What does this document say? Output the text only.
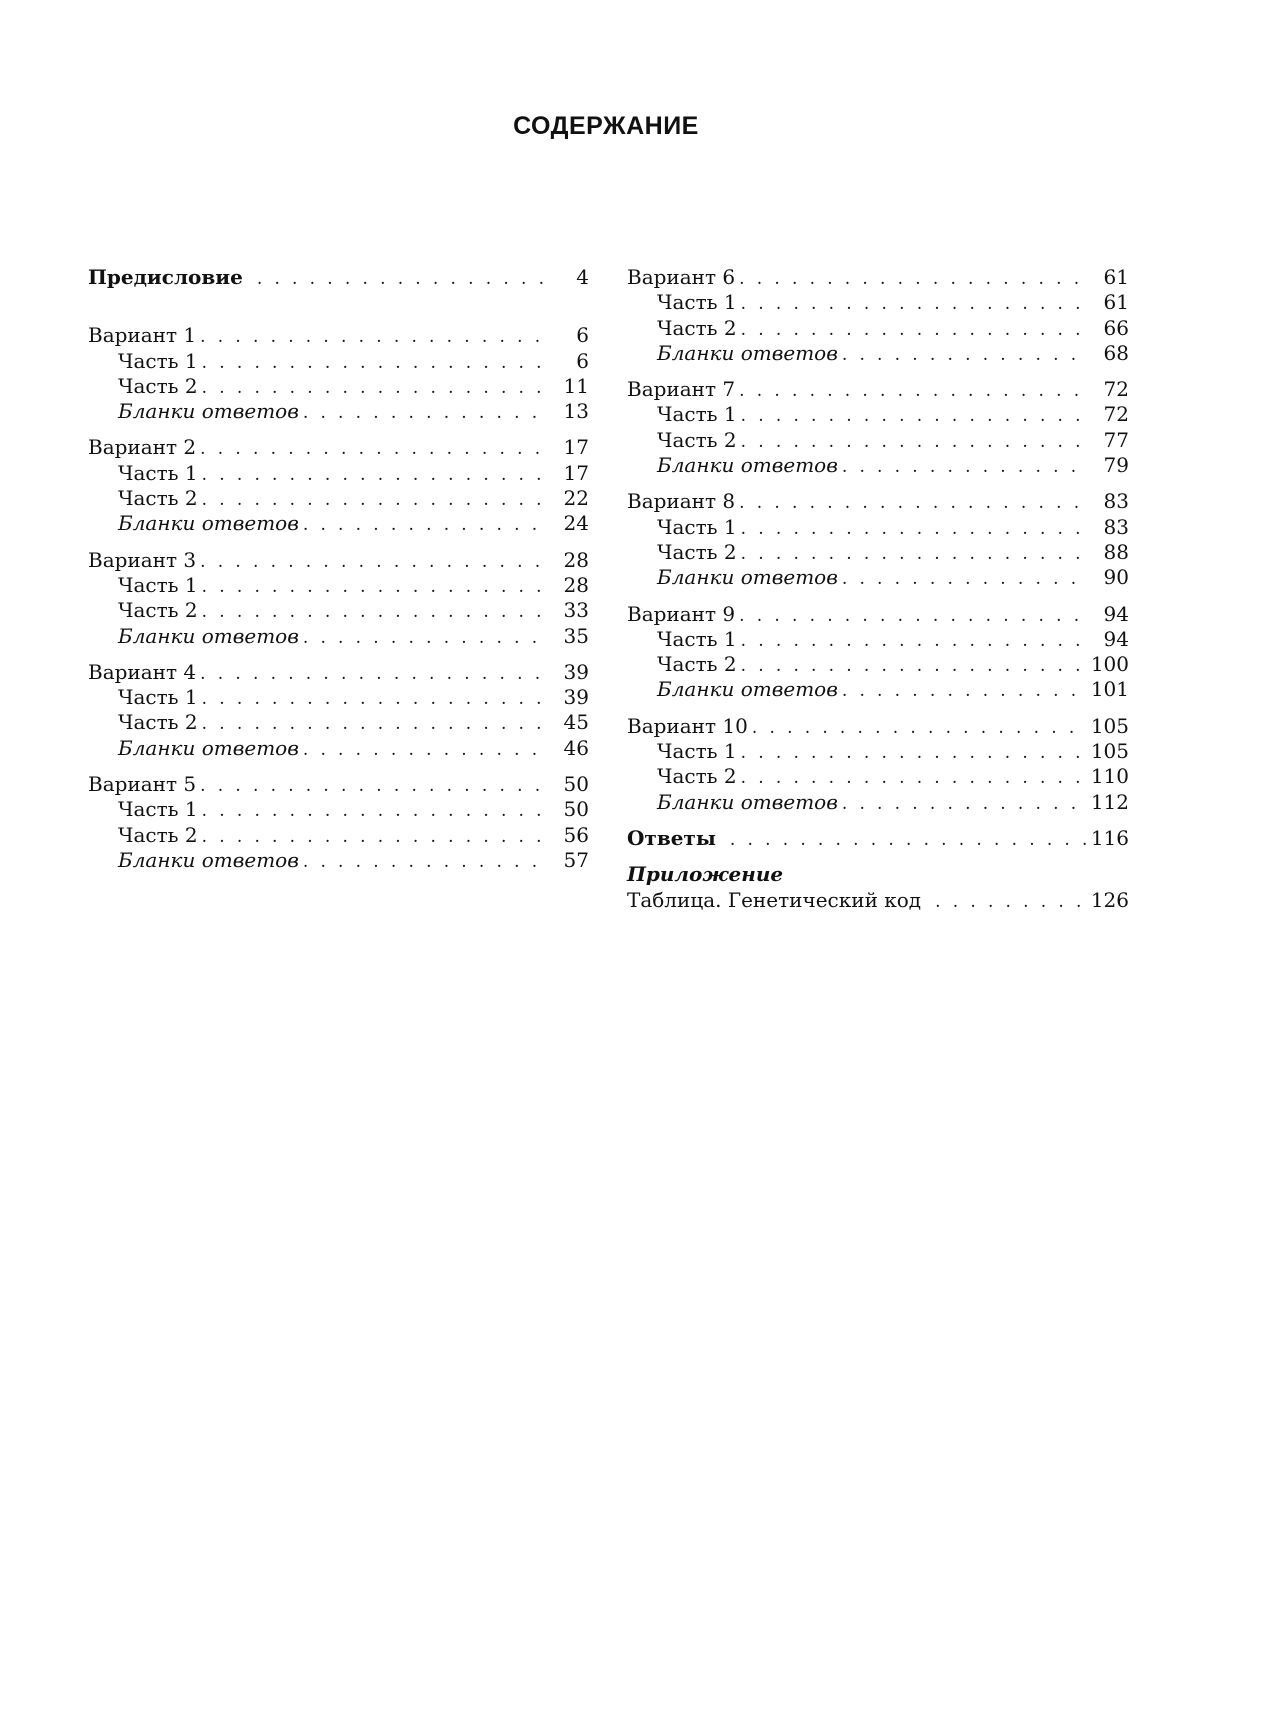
СОДЕРЖАНИЕ
Предисловие . . .	4
Вариант 1 . . .	6
Часть 1 . . .	6
Часть 2 . . .	11
Бланки ответов . . .	13
Вариант 2 . . .	17
Часть 1 . . .	17
Часть 2 . . .	22
Бланки ответов . . .	24
Вариант 3 . . .	28
Часть 1 . . .	28
Часть 2 . . .	33
Бланки ответов . . .	35
Вариант 4 . . .	39
Часть 1 . . .	39
Часть 2 . . .	45
Бланки ответов . . .	46
Вариант 5 . . .	50
Часть 1 . . .	50
Часть 2 . . .	56
Бланки ответов . . .	57
Вариант 6 . . .	61
Часть 1 . . .	61
Часть 2 . . .	66
Бланки ответов . . .	68
Вариант 7 . . .	72
Часть 1 . . .	72
Часть 2 . . .	77
Бланки ответов . . .	79
Вариант 8 . . .	83
Часть 1 . . .	83
Часть 2 . . .	88
Бланки ответов . . .	90
Вариант 9 . . .	94
Часть 1 . . .	94
Часть 2 . . .	100
Бланки ответов . . .	101
Вариант 10 . . .	105
Часть 1 . . .	105
Часть 2 . . .	110
Бланки ответов . . .	112
Ответы . . .	116
Приложение
Таблица. Генетический код . . .	126
